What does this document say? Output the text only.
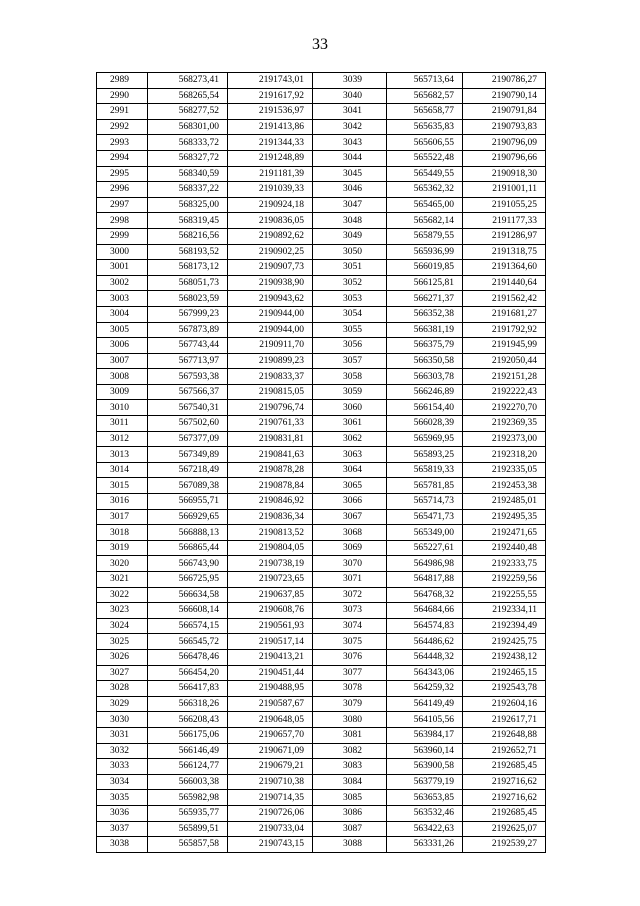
33
2989	568273,41	2191743,01	3039	565713,64	2190786,27
2990	568265,54	2191617,92	3040	565682,57	2190790,14
2991	568277,52	2191536,97	3041	565658,77	2190791,84
2992	568301,00	2191413,86	3042	565635,83	2190793,83
2993	568333,72	2191344,33	3043	565606,55	2190796,09
2994	568327,72	2191248,89	3044	565522,48	2190796,66
2995	568340,59	2191181,39	3045	565449,55	2190918,30
2996	568337,22	2191039,33	3046	565362,32	2191001,11
2997	568325,00	2190924,18	3047	565465,00	2191055,25
2998	568319,45	2190836,05	3048	565682,14	2191177,33
2999	568216,56	2190892,62	3049	565879,55	2191286,97
3000	568193,52	2190902,25	3050	565936,99	2191318,75
3001	568173,12	2190907,73	3051	566019,85	2191364,60
3002	568051,73	2190938,90	3052	566125,81	2191440,64
3003	568023,59	2190943,62	3053	566271,37	2191562,42
3004	567999,23	2190944,00	3054	566352,38	2191681,27
3005	567873,89	2190944,00	3055	566381,19	2191792,92
3006	567743,44	2190911,70	3056	566375,79	2191945,99
3007	567713,97	2190899,23	3057	566350,58	2192050,44
3008	567593,38	2190833,37	3058	566303,78	2192151,28
3009	567566,37	2190815,05	3059	566246,89	2192222,43
3010	567540,31	2190796,74	3060	566154,40	2192270,70
3011	567502,60	2190761,33	3061	566028,39	2192369,35
3012	567377,09	2190831,81	3062	565969,95	2192373,00
3013	567349,89	2190841,63	3063	565893,25	2192318,20
3014	567218,49	2190878,28	3064	565819,33	2192335,05
3015	567089,38	2190878,84	3065	565781,85	2192453,38
3016	566955,71	2190846,92	3066	565714,73	2192485,01
3017	566929,65	2190836,34	3067	565471,73	2192495,35
3018	566888,13	2190813,52	3068	565349,00	2192471,65
3019	566865,44	2190804,05	3069	565227,61	2192440,48
3020	566743,90	2190738,19	3070	564986,98	2192333,75
3021	566725,95	2190723,65	3071	564817,88	2192259,56
3022	566634,58	2190637,85	3072	564768,32	2192255,55
3023	566608,14	2190608,76	3073	564684,66	2192334,11
3024	566574,15	2190561,93	3074	564574,83	2192394,49
3025	566545,72	2190517,14	3075	564486,62	2192425,75
3026	566478,46	2190413,21	3076	564448,32	2192438,12
3027	566454,20	2190451,44	3077	564343,06	2192465,15
3028	566417,83	2190488,95	3078	564259,32	2192543,78
3029	566318,26	2190587,67	3079	564149,49	2192604,16
3030	566208,43	2190648,05	3080	564105,56	2192617,71
3031	566175,06	2190657,70	3081	563984,17	2192648,88
3032	566146,49	2190671,09	3082	563960,14	2192652,71
3033	566124,77	2190679,21	3083	563900,58	2192685,45
3034	566003,38	2190710,38	3084	563779,19	2192716,62
3035	565982,98	2190714,35	3085	563653,85	2192716,62
3036	565935,77	2190726,06	3086	563532,46	2192685,45
3037	565899,51	2190733,04	3087	563422,63	2192625,07
3038	565857,58	2190743,15	3088	563331,26	2192539,27
